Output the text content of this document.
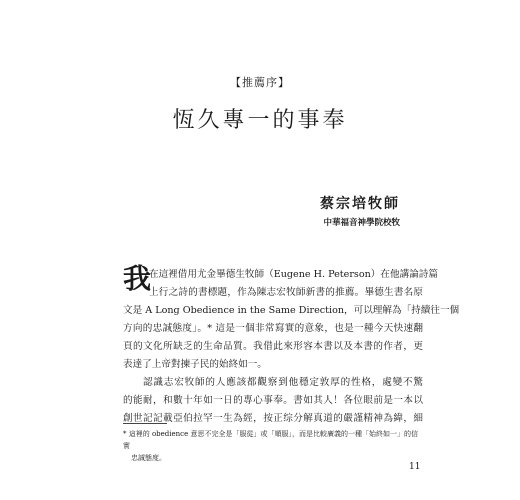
【推薦序】
恆久專一的事奉
蔡宗培牧師
中華福音神學院校牧
我
在這裡借用尤金畢德生牧師（Eugene H. Peterson）在他講論詩篇
上行之詩的書標題，作為陳志宏牧師新書的推薦。畢德生書名原
文是 A Long Obedience in the Same Direction，可以理解為「持續往一個
方向的忠誠態度」。* 這是一個非常寫實的意象，也是一種今天快速翻
頁的文化所缺乏的生命品質。我借此來形容本書以及本書的作者，更
表達了上帝對揀子民的始終如一。
認識志宏牧師的人應該都觀察到他穩定敦厚的性格，處變不驚
的能耐，和數十年如一日的專心事奉。書如其人！各位眼前是一本以
創世記記載亞伯拉罕一生為經，按正综分解真道的嚴謹精神為緯，細
* 這裡的 obedience 意思不完全是「服從」或「順服」，而是比較廣義的一種「始終如一」的信實
忠誠態度。
11
